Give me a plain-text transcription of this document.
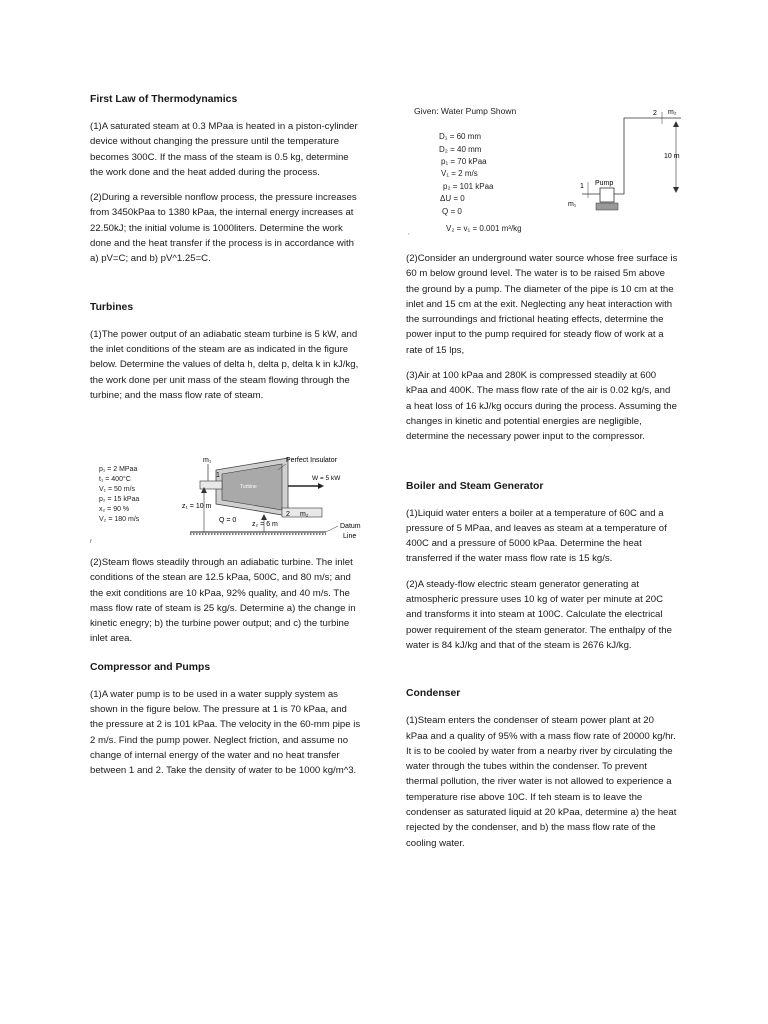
First Law of Thermodynamics

(1)A saturated steam at 0.3 MPaa is heated in a piston-cylinder device without changing the pressure until the temperature becomes 300C. If the mass of the steam is 0.5 kg, determine the work done and the heat added during the process.

(2)During a reversible nonflow process, the pressure increases from 3450kPaa to 1380 kPaa, the internal energy increases at 22.50kJ; the initial volume is 1000liters. Determine the work done and the heat transfer if the process is in accordance with a) pV=C; and b) pV^1.25=C.

Turbines

(1)The power output of an adiabatic steam turbine is 5 kW, and the inlet conditions of the steam are as indicated in the figure below. Determine the values of delta h, delta p, delta k in kJ/kg, the work done per unit mass of the steam flowing through the turbine; and the mass flow rate of steam.

p₁ = 2 MPaa
t₁ = 400°C
V₁ = 50 m/s
p₂ = 15 kPaa
x₂ = 90 %
V₂ = 180 m/s
r
Turbine
m₁
1
2 m₂
W = 5 kW
Perfect Insulator
z₁ = 10 m
Q = 0
z₂ = 6 m	Datum
Line

(2)Steam flows steadily through an adiabatic turbine. The inlet conditions of the stean are 12.5 kPaa, 500C, and 80 m/s; and the exit conditions are 10 kPaa, 92% quality, and 40 m/s. The mass flow rate of steam is 25 kg/s. Determine a) the change in kinetic enegry; b) the turbine power output; and c) the turbine inlet area.

Compressor and Pumps

(1)A water pump is to be used in a water supply system as shown in the figure below. The pressure at 1 is 70 kPaa, and the pressure at 2 is 101 kPaa. The velocity in the 60-mm pipe is 2 m/s. Find the pump power. Neglect friction, and assume no change of internal energy of the water and no heat transfer between 1 and 2. Take the density of water to be 1000 kg/m^3.

Given: Water Pump Shown
D₁ = 60 mm
D₂ = 40 mm
p₁ = 70 kPaa
V₁ = 2 m/s
p₂ = 101 kPaa
ΔU = 0
Q = 0
V₂ = v₁ = 0.001 m³/kg
,
Pump
1
m₁
2 m₂
10 m

(2)Consider an underground water source whose free surface is 60 m below ground level. The water is to be raised 5m above the ground by a pump. The diameter of the pipe is 10 cm at the inlet and 15 cm at the exit. Neglecting any heat interaction with the surroundings and frictional heating effects, determine the power input to the pump required for steady flow of work at a rate of 15 lps,

(3)Air at 100 kPaa and 280K is compressed steadily at 600 kPaa and 400K. The mass flow rate of the air is 0.02 kg/s, and a heat loss of 16 kJ/kg occurs during the process. Assuming the changes in kinetic and potential energies are negligible, determine the necessary power input to the compressor.

Boiler and Steam Generator

(1)Liquid water enters a boiler at a temperature of 60C and a pressure of 5 MPaa, and leaves as steam at a temperature of 400C and a pressure of 5000 kPaa. Determine the heat transferred if the water mass flow rate is 15 kg/s.

(2)A steady-flow electric steam generator generating at atmospheric pressure uses 10 kg of water per minute at 20C and transforms it into steam at 100C. Calculate the electrical power requirement of the steam generator. The enthalpy of the water is 84 kJ/kg and that of the steam is 2676 kJ/kg.

Condenser

(1)Steam enters the condenser of steam power plant at 20 kPaa and a quality of 95% with a mass flow rate of 20000 kg/hr. It is to be cooled by water from a nearby river by circulating the water through the tubes within the condenser. To prevent thermal pollution, the river water is not allowed to experience a temperature rise above 10C. If teh steam is to leave the condenser as saturated liquid at 20 kPaa, determine a) the heat rejected by the condenser, and b) the mass flow rate of the cooling water.
